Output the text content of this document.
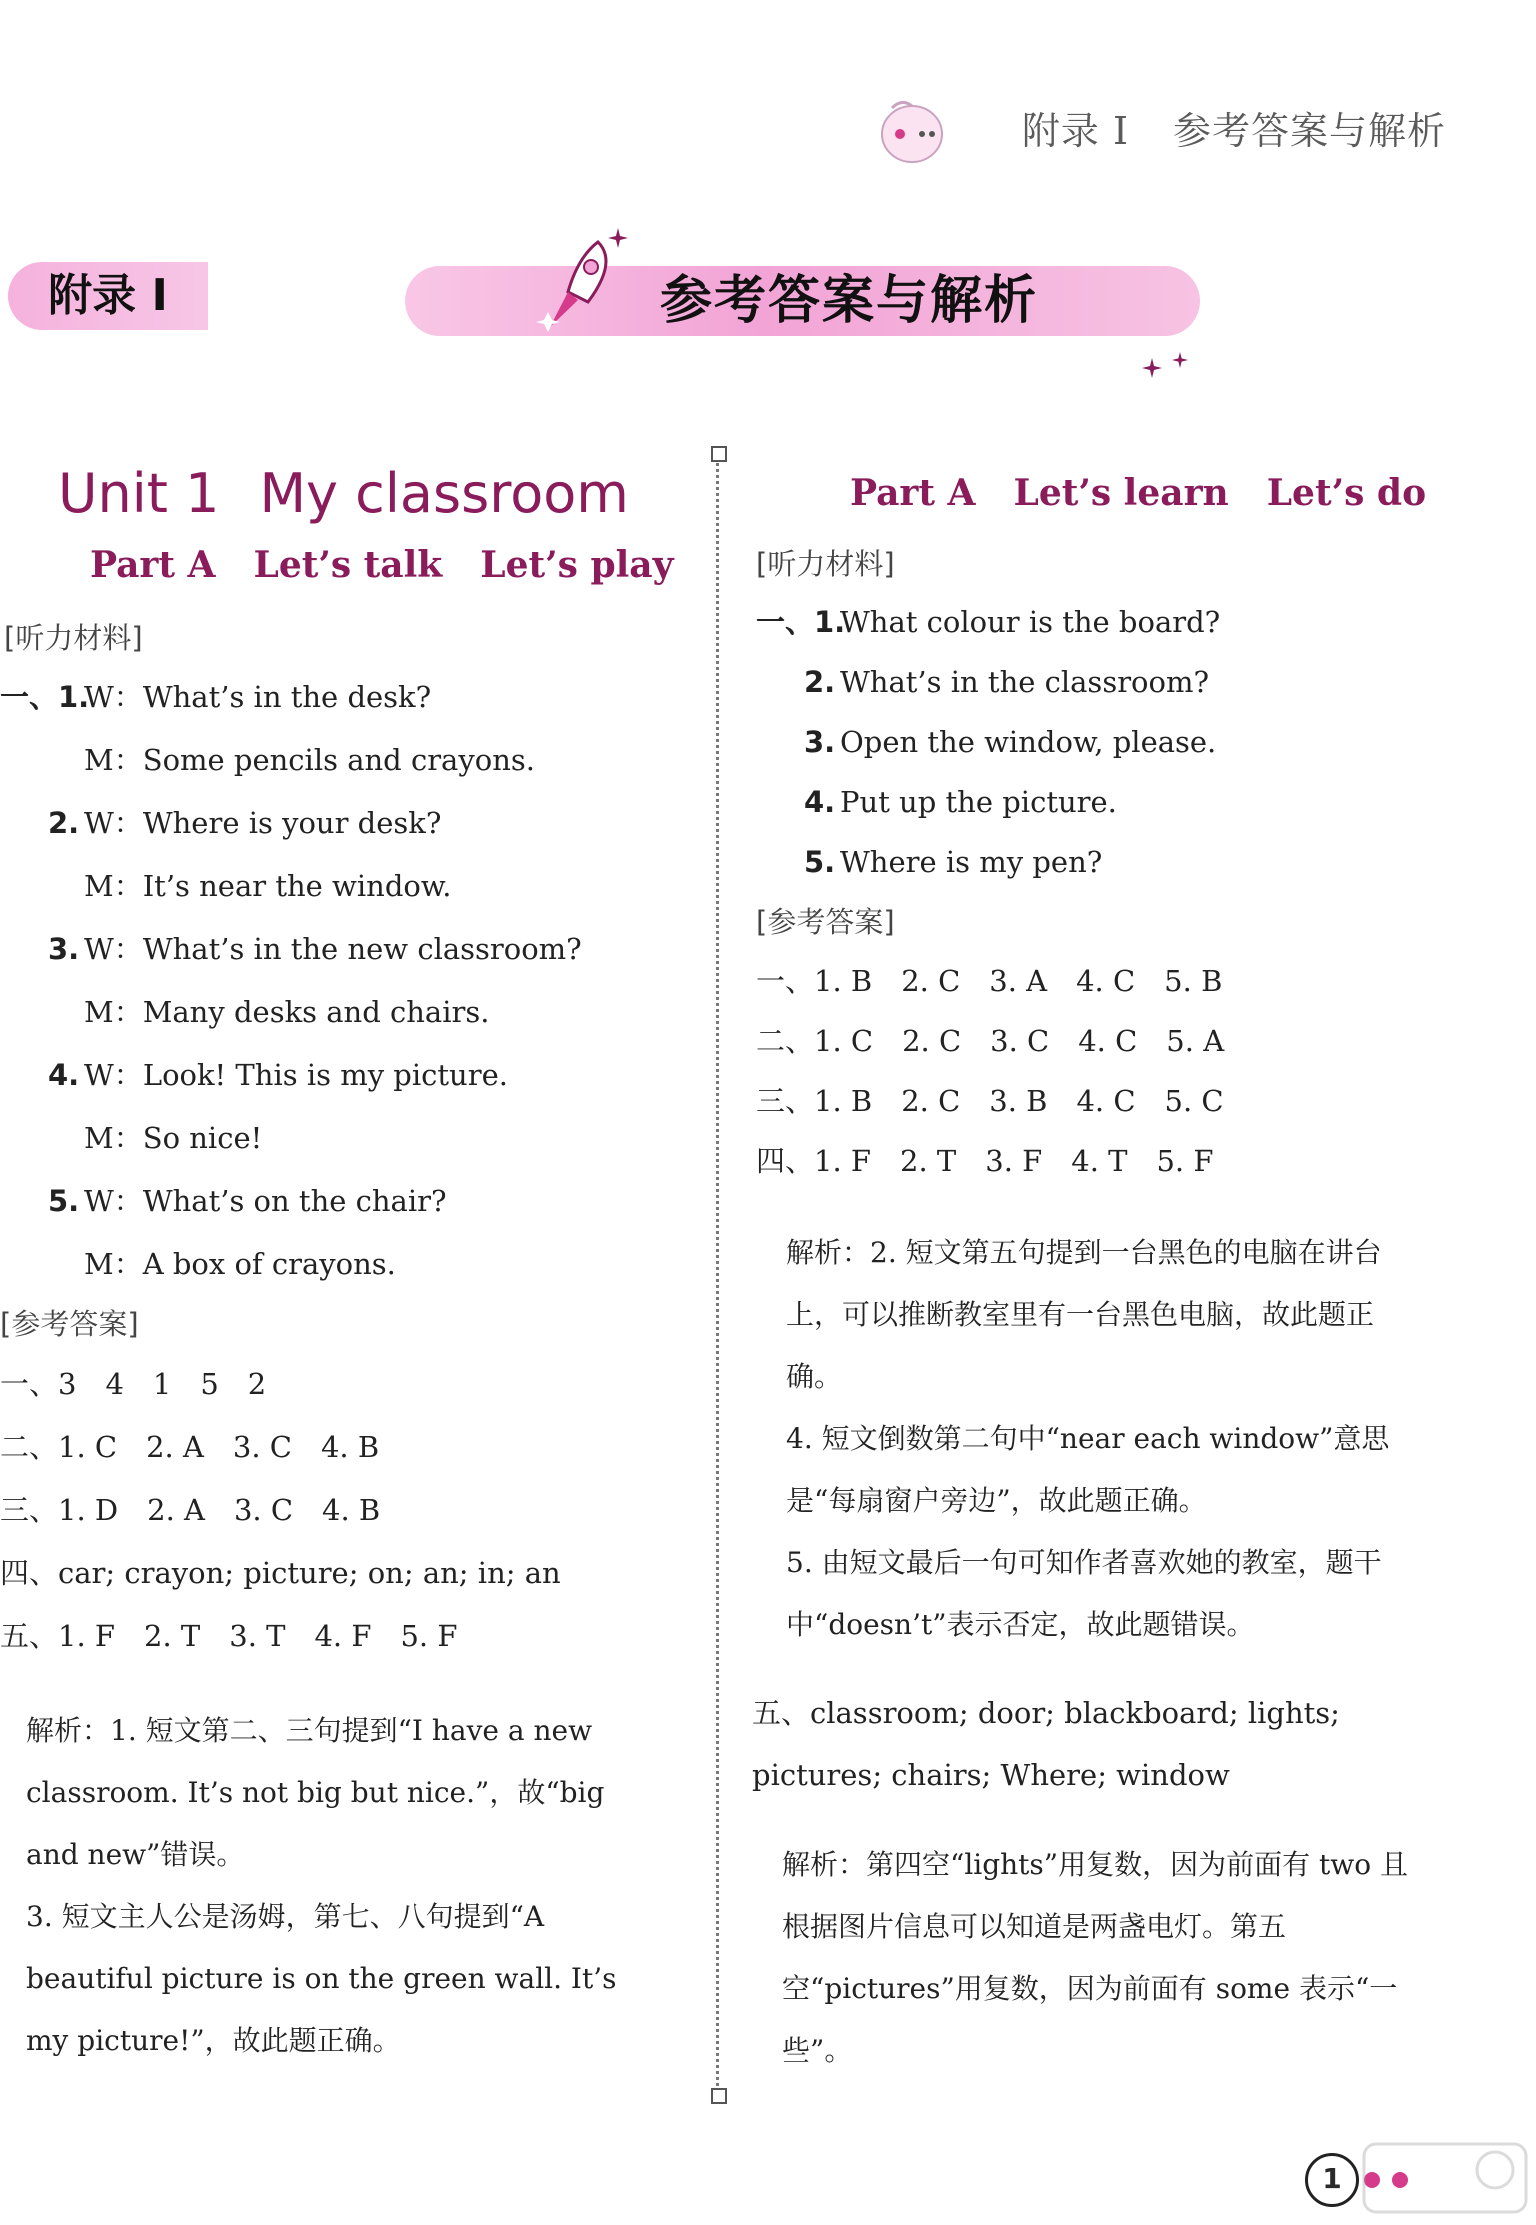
附录 I 参考答案与解析
附录 I	参考答案与解析
Unit 1 My classroom
Part A Let’s talk Let’s play
[听力材料]
一、1.W：What’s in the desk?
M：Some pencils and crayons.
2. W：Where is your desk?
M：It’s near the window.
3. W：What’s in the new classroom?
M：Many desks and chairs.
4. W：Look! This is my picture.
M：So nice!
5. W：What’s on the chair?
M：A box of crayons.
[参考答案]
一、3　4　1　5　2
二、1. C　2. A　3. C　4. B
三、1. D　2. A　3. C　4. B
四、car; crayon; picture; on; an; in; an
五、1. F　2. T　3. T　4. F　5. F
解析：1. 短文第二、三句提到“I have a new classroom. It’s not big but nice.”，故“big and new”错误。
3. 短文主人公是汤姆，第七、八句提到“A beautiful picture is on the green wall. It’s my picture!”，故此题正确。
Part A Let’s learn Let’s do
[听力材料]
一、1.What colour is the board?
2. What’s in the classroom?
3. Open the window, please.
4. Put up the picture.
5. Where is my pen?
[参考答案]
一、1. B　2. C　3. A　4. C　5. B
二、1. C　2. C　3. C　4. C　5. A
三、1. B　2. C　3. B　4. C　5. C
四、1. F　2. T　3. F　4. T　5. F
解析：2. 短文第五句提到一台黑色的电脑在讲台上，可以推断教室里有一台黑色电脑，故此题正确。
4. 短文倒数第二句中“near each window”意思是“每扇窗户旁边”，故此题正确。
5. 由短文最后一句可知作者喜欢她的教室，题干中“doesn’t”表示否定，故此题错误。
五、classroom; door; blackboard; lights; pictures; chairs; Where; window
解析：第四空“lights”用复数，因为前面有 two 且根据图片信息可以知道是两盏电灯。第五空“pictures”用复数，因为前面有 some 表示“一些”。
1
